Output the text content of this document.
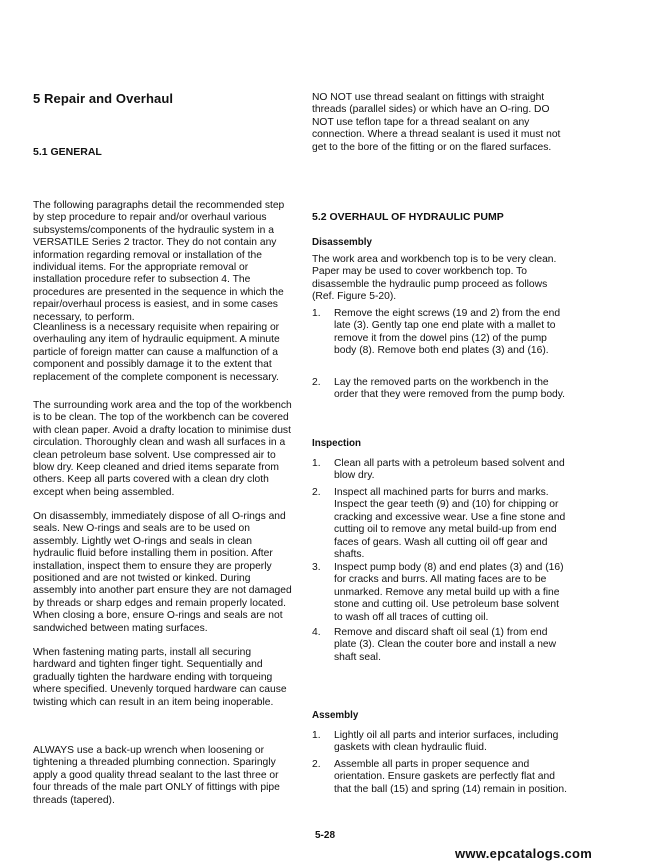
5 Repair and Overhaul
5.1 GENERAL

The following paragraphs detail the recommended step by step procedure to repair and/or overhaul various subsystems/components of the hydraulic system in a VERSATILE Series 2 tractor. They do not contain any information regarding removal or installation of the individual items. For the appropriate removal or installation procedure refer to subsection 4. The procedures are presented in the sequence in which the repair/overhaul process is easiest, and in some cases necessary, to perform.

Cleanliness is a necessary requisite when repairing or overhauling any item of hydraulic equipment. A minute particle of foreign matter can cause a malfunction of a component and possibly damage it to the extent that replacement of the complete component is necessary.

The surrounding work area and the top of the workbench is to be clean. The top of the workbench can be covered with clean paper. Avoid a drafty location to minimise dust circulation. Thoroughly clean and wash all surfaces in a clean petroleum base solvent. Use compressed air to blow dry. Keep cleaned and dried items separate from others. Keep all parts covered with a clean dry cloth except when being assembled.

On disassembly, immediately dispose of all O-rings and seals. New O-rings and seals are to be used on assembly. Lightly wet O-rings and seals in clean hydraulic fluid before installing them in position. After installation, inspect them to ensure they are properly positioned and are not twisted or kinked. During assembly into another part ensure they are not damaged by threads or sharp edges and remain properly located. When closing a bore, ensure O-rings and seals are not sandwiched between mating surfaces.

When fastening mating parts, install all securing hardward and tighten finger tight. Sequentially and gradually tighten the hardware ending with torqueing where specified. Unevenly torqued hardware can cause twisting which can result in an item being inoperable.

ALWAYS use a back-up wrench when loosening or tightening a threaded plumbing connection. Sparingly apply a good quality thread sealant to the last three or four threads of the male part ONLY of fittings with pipe threads (tapered).

NO NOT use thread sealant on fittings with straight threads (parallel sides) or which have an O-ring. DO NOT use teflon tape for a thread sealant on any connection. Where a thread sealant is used it must not get to the bore of the fitting or on the flared surfaces.

5.2 OVERHAUL OF HYDRAULIC PUMP
Disassembly

The work area and workbench top is to be very clean. Paper may be used to cover workbench top. To disassemble the hydraulic pump proceed as follows (Ref. Figure 5-20).

1. Remove the eight screws (19 and 2) from the end late (3). Gently tap one end plate with a mallet to remove it from the dowel pins (12) of the pump body (8). Remove both end plates (3) and (16).

2. Lay the removed parts on the workbench in the order that they were removed from the pump body.

Inspection
1. Clean all parts with a petroleum based solvent and blow dry.

2. Inspect all machined parts for burrs and marks. Inspect the gear teeth (9) and (10) for chipping or cracking and excessive wear. Use a fine stone and cutting oil to remove any metal build-up from end faces of gears. Wash all cutting oil off gear and shafts.

3. Inspect pump body (8) and end plates (3) and (16) for cracks and burrs. All mating faces are to be unmarked. Remove any metal build up with a fine stone and cutting oil. Use petroleum base solvent to wash off all traces of cutting oil.

4. Remove and discard shaft oil seal (1) from end plate (3). Clean the couter bore and install a new shaft seal.

Assembly
1. Lightly oil all parts and interior surfaces, including gaskets with clean hydraulic fluid.

2. Assemble all parts in proper sequence and orientation. Ensure gaskets are perfectly flat and that the ball (15) and spring (14) remain in position.

5-28
www.epcatalogs.com
